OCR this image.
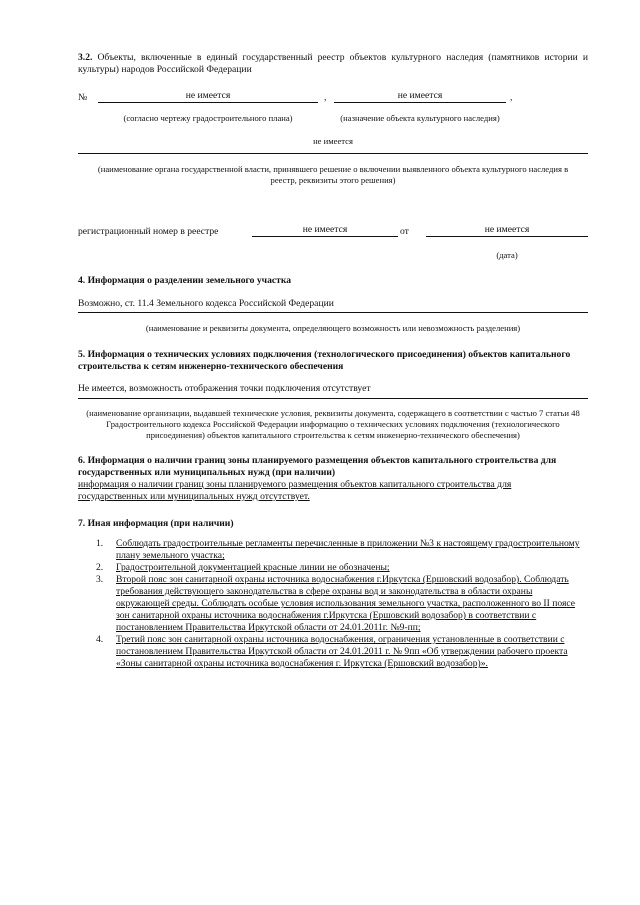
3.2. Объекты, включенные в единый государственный реестр объектов культурного наследия (памятников истории и культуры) народов Российской Федерации
№	не имеется	,	не имеется	,
(согласно чертежу градостроительного плана)	(назначение объекта культурного наследия)
не имеется
(наименование органа государственной власти, принявшего решение о включении выявленного объекта культурного наследия в реестр, реквизиты этого решения)
регистрационный номер в реестре	не имеется	от	не имеется
(дата)
4. Информация о разделении земельного участка
Возможно, ст. 11.4 Земельного кодекса Российской Федерации
(наименование и реквизиты документа, определяющего возможность или невозможность разделения)
5. Информация о технических условиях подключения (технологического присоединения) объектов капитального строительства к сетям инженерно-технического обеспечения
Не имеется, возможность отображения точки подключения отсутствует
(наименование организации, выдавшей технические условия, реквизиты документа, содержащего в соответствии с частью 7 статьи 48 Градостроительного кодекса Российской Федерации информацию о технических условиях подключения (технологического присоединения) объектов капитального строительства к сетям инженерно-технического обеспечения)
6. Информация о наличии границ зоны планируемого размещения объектов капитального строительства для государственных или муниципальных нужд (при наличии)
информация о наличии границ зоны планируемого размещения объектов капитального строительства для государственных или муниципальных нужд отсутствует.
7. Иная информация (при наличии)
1. Соблюдать градостроительные регламенты перечисленные в приложении №3 к настоящему градостроительному плану земельного участка;
2. Градостроительной документацией красные линии не обозначены;
3. Второй пояс зон санитарной охраны источника водоснабжения г.Иркутска (Ершовский водозабор). Соблюдать требования действующего законодательства в сфере охраны вод и законодательства в области охраны окружающей среды. Соблюдать особые условия использования земельного участка, расположенного во II поясе зон санитарной охраны источника водоснабжения г.Иркутска (Ершовский водозабор) в соответствии с постановлением Правительства Иркутской области от 24.01.2011г. №9-пп;
4. Третий пояс зон санитарной охраны источника водоснабжения, ограничения установленные в соответствии с постановлением Правительства Иркутской области от 24.01.2011 г. № 9пп «Об утверждении рабочего проекта «Зоны санитарной охраны источника водоснабжения г. Иркутска (Ершовский водозабор)».
